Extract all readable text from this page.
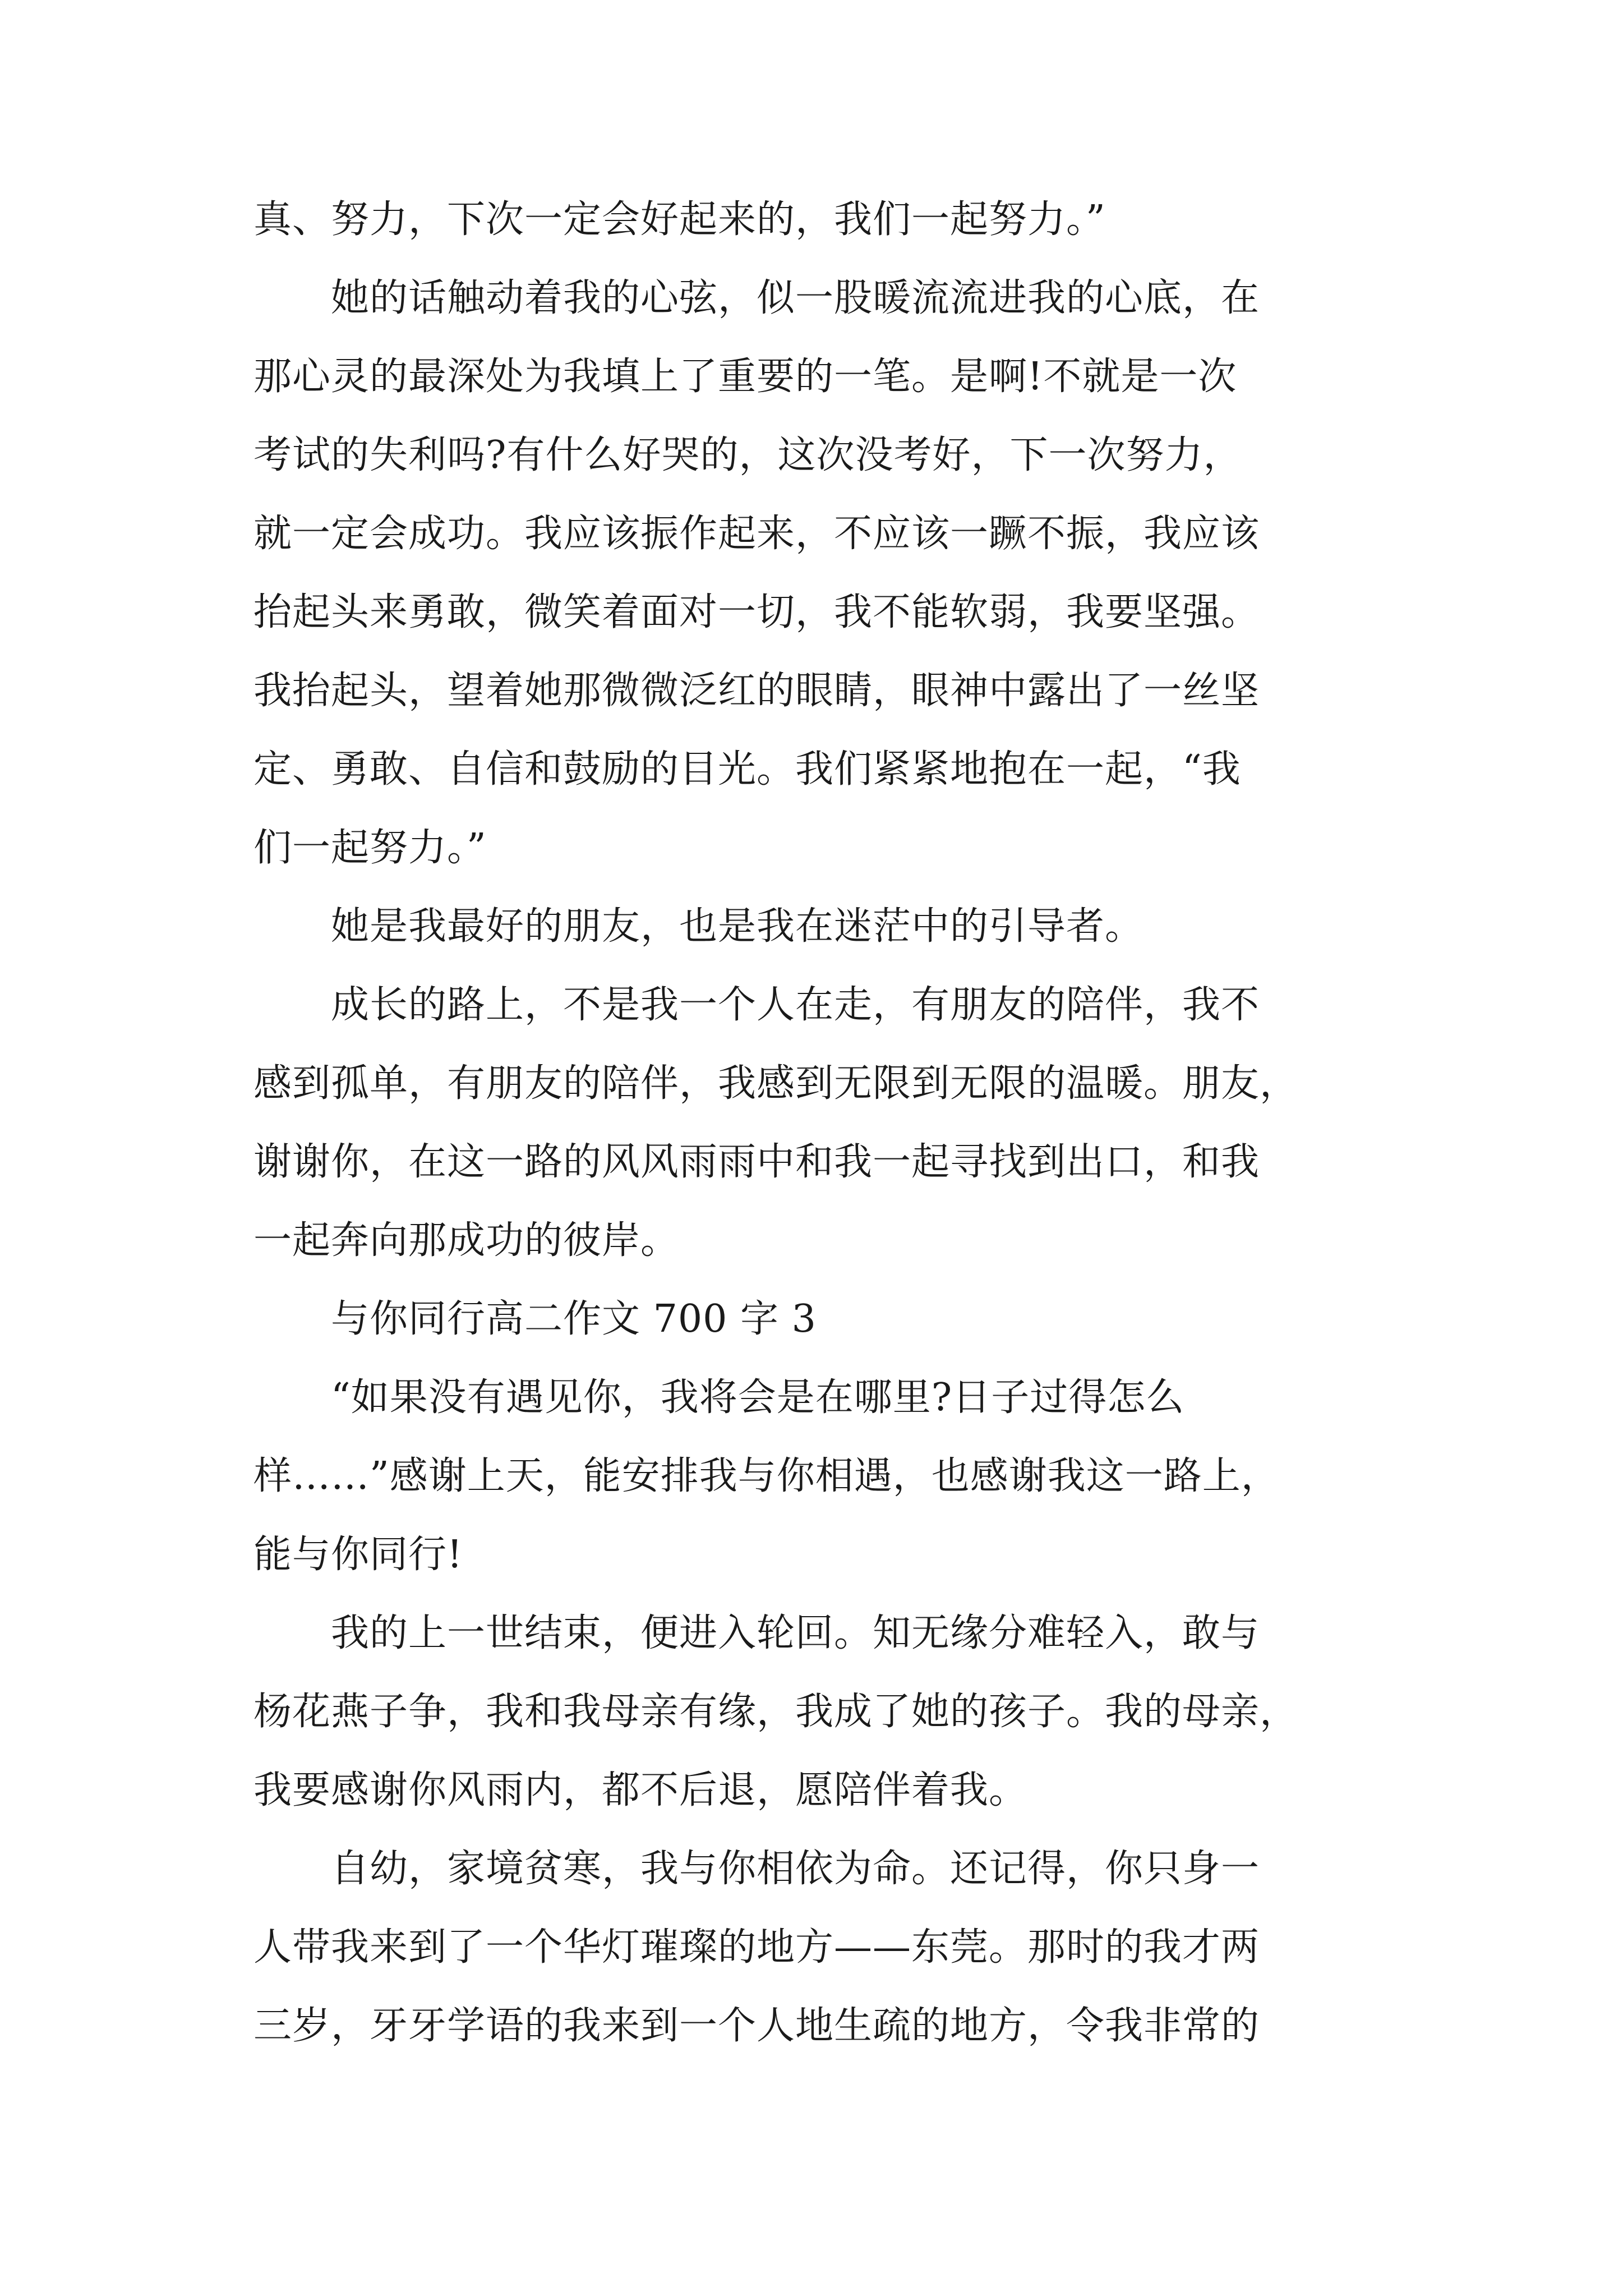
真、努力，下次一定会好起来的，我们一起努力。”

她的话触动着我的心弦，似一股暖流流进我的心底，在
那心灵的最深处为我填上了重要的一笔。是啊!不就是一次
考试的失利吗?有什么好哭的，这次没考好，下一次努力，
就一定会成功。我应该振作起来，不应该一蹶不振，我应该
抬起头来勇敢，微笑着面对一切，我不能软弱，我要坚强。
我抬起头，望着她那微微泛红的眼睛，眼神中露出了一丝坚
定、勇敢、自信和鼓励的目光。我们紧紧地抱在一起，“我
们一起努力。”

她是我最好的朋友，也是我在迷茫中的引导者。

成长的路上，不是我一个人在走，有朋友的陪伴，我不
感到孤单，有朋友的陪伴，我感到无限到无限的温暖。朋友，
谢谢你，在这一路的风风雨雨中和我一起寻找到出口，和我
一起奔向那成功的彼岸。

与你同行高二作文 700 字 3

“如果没有遇见你，我将会是在哪里?日子过得怎么
样……”感谢上天，能安排我与你相遇，也感谢我这一路上，
能与你同行!

我的上一世结束，便进入轮回。知无缘分难轻入，敢与
杨花燕子争，我和我母亲有缘，我成了她的孩子。我的母亲，
我要感谢你风雨内，都不后退，愿陪伴着我。

自幼，家境贫寒，我与你相依为命。还记得，你只身一
人带我来到了一个华灯璀璨的地方——东莞。那时的我才两
三岁，牙牙学语的我来到一个人地生疏的地方，令我非常的
